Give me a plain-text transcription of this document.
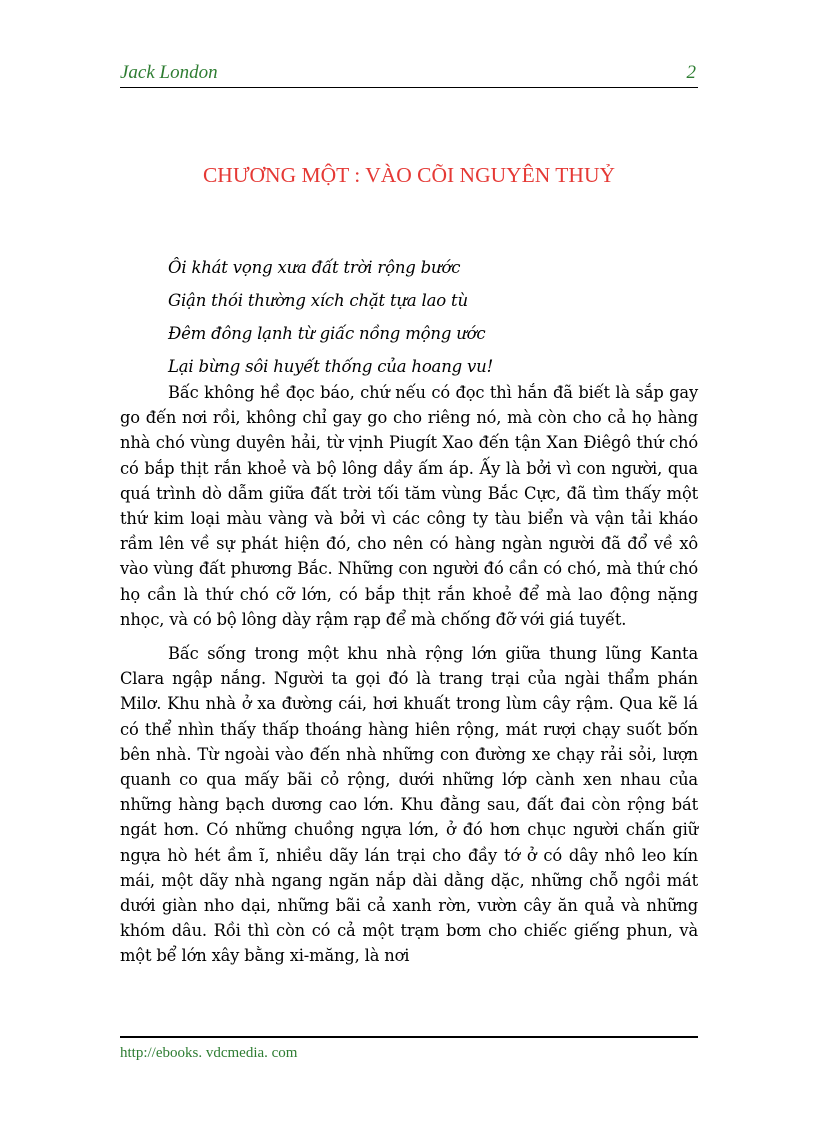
Jack London	2
CHƯƠNG MỘT : VÀO CÕI NGUYÊN THUỶ
Ôi khát vọng xưa đất trời rộng bước
Giận thói thường xích chặt tựa lao tù
Đêm đông lạnh từ giấc nồng mộng ước
Lại bừng sôi huyết thống của hoang vu!

Bấc không hề đọc báo, chứ nếu có đọc thì hắn đã biết là sắp gay go đến nơi rồi, không chỉ gay go cho riêng nó, mà còn cho cả họ hàng nhà chó vùng duyên hải, từ vịnh Piugít Xao đến tận Xan Điêgô thứ chó có bắp thịt rắn khoẻ và bộ lông dầy ấm áp. Ấy là bởi vì con người, qua quá trình dò dẫm giữa đất trời tối tăm vùng Bắc Cực, đã tìm thấy một thứ kim loại màu vàng và bởi vì các công ty tàu biển và vận tải kháo rầm lên về sự phát hiện đó, cho nên có hàng ngàn người đã đổ về xô vào vùng đất phương Bắc. Những con người đó cần có chó, mà thứ chó họ cần là thứ chó cỡ lớn, có bắp thịt rắn khoẻ để mà lao động nặng nhọc, và có bộ lông dày rậm rạp để mà chống đỡ với giá tuyết.

Bấc sống trong một khu nhà rộng lớn giữa thung lũng Kanta Clara ngập nắng. Người ta gọi đó là trang trại của ngài thẩm phán Milơ. Khu nhà ở xa đường cái, hơi khuất trong lùm cây rậm. Qua kẽ lá có thể nhìn thấy thấp thoáng hàng hiên rộng, mát rượi chạy suốt bốn bên nhà. Từ ngoài vào đến nhà những con đường xe chạy rải sỏi, lượn quanh co qua mấy bãi cỏ rộng, dưới những lớp cành xen nhau của những hàng bạch dương cao lớn. Khu đằng sau, đất đai còn rộng bát ngát hơn. Có những chuồng ngựa lớn, ở đó hơn chục người chấn giữ ngựa hò hét ầm ĩ, nhiều dãy lán trại cho đầy tớ ở có dây nhô leo kín mái, một dãy nhà ngang ngăn nắp dài dằng dặc, những chỗ ngồi mát dưới giàn nho dại, những bãi cả xanh rờn, vườn cây ăn quả và những khóm dâu. Rồi thì còn có cả một trạm bơm cho chiếc giếng phun, và một bể lớn xây bằng xi-măng, là nơi

http://ebooks. vdcmedia. com
